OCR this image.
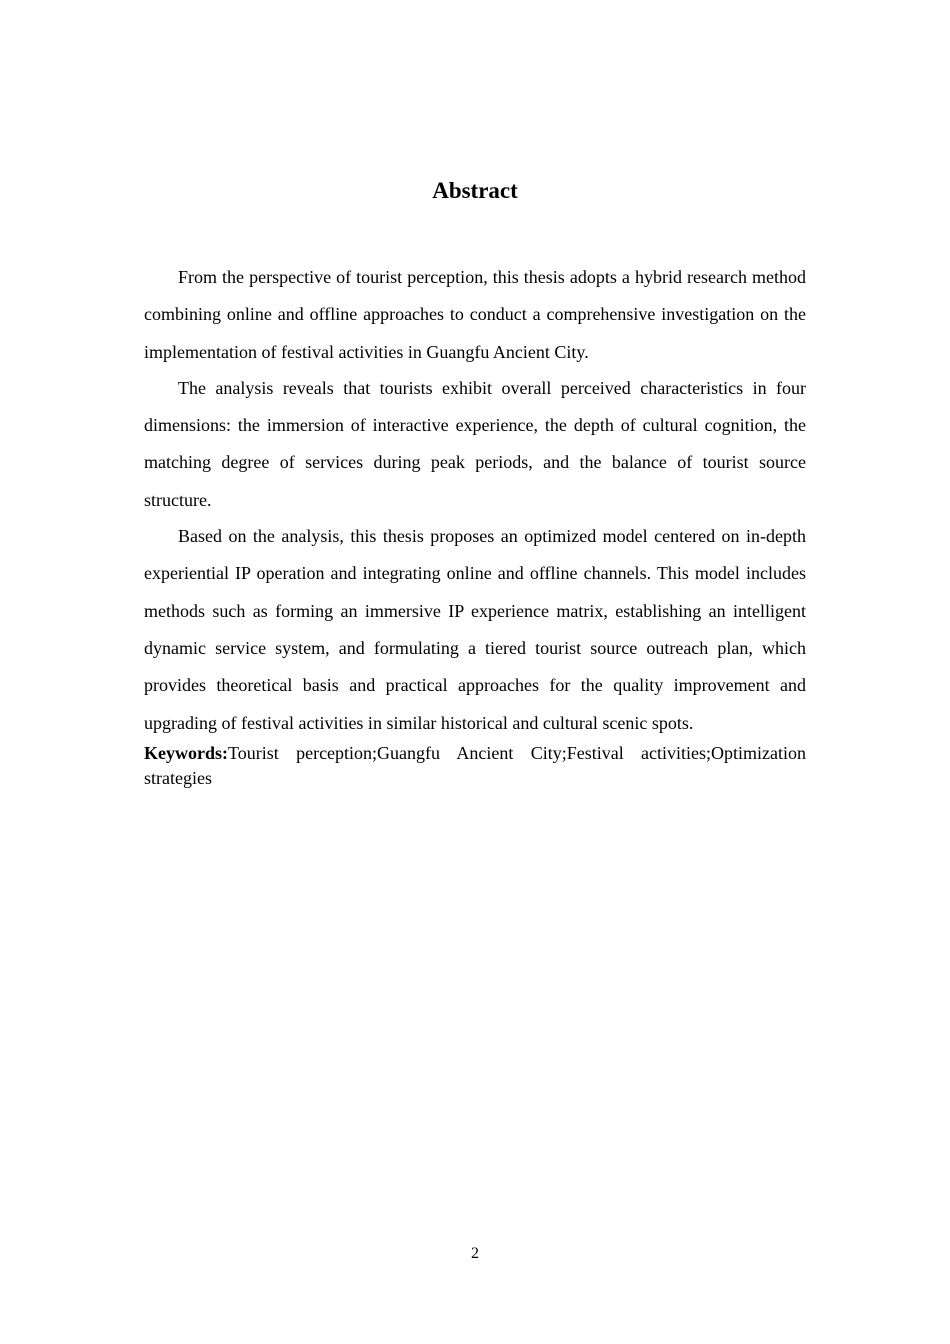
Abstract

From the perspective of tourist perception, this thesis adopts a hybrid research method combining online and offline approaches to conduct a comprehensive investigation on the implementation of festival activities in Guangfu Ancient City.

The analysis reveals that tourists exhibit overall perceived characteristics in four dimensions: the immersion of interactive experience, the depth of cultural cognition, the matching degree of services during peak periods, and the balance of tourist source structure.

Based on the analysis, this thesis proposes an optimized model centered on in-depth experiential IP operation and integrating online and offline channels. This model includes methods such as forming an immersive IP experience matrix, establishing an intelligent dynamic service system, and formulating a tiered tourist source outreach plan, which provides theoretical basis and practical approaches for the quality improvement and upgrading of festival activities in similar historical and cultural scenic spots.

Keywords:Tourist perception;Guangfu Ancient City;Festival activities;Optimization strategies

2
